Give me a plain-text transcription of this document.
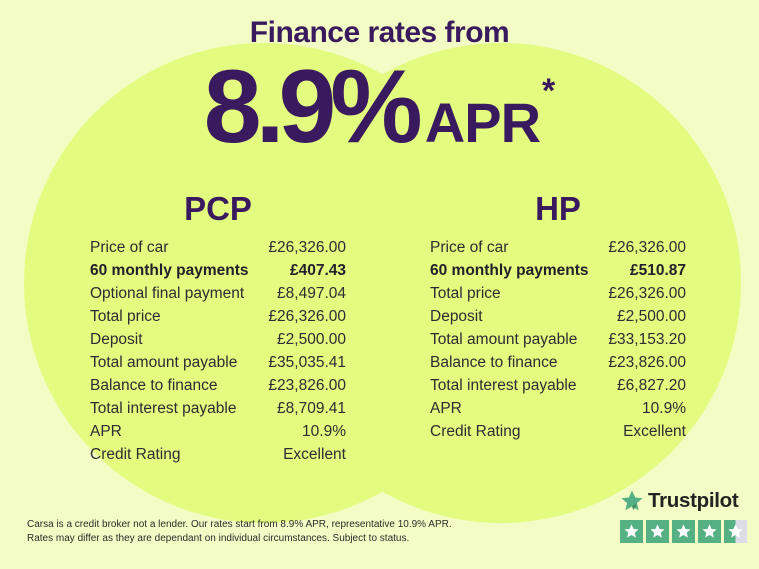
Finance rates from
8.9% APR*
PCP
Price of car	£26,326.00
60 monthly payments	£407.43
Optional final payment £8,497.04
Total price	£26,326.00
Deposit	£2,500.00
Total amount payable £35,035.41
Balance to finance	£23,826.00
Total interest payable	£8,709.41
APR	10.9%
Credit Rating	Excellent
HP
Price of car	£26,326.00
60 monthly payments	£510.87
Total price	£26,326.00
Deposit	£2,500.00
Total amount payable £33,153.20
Balance to finance	£23,826.00
Total interest payable	£6,827.20
APR	10.9%
Credit Rating	Excellent
Carsa is a credit broker not a lender. Our rates start from 8.9% APR, representative 10.9% APR.
Rates may differ as they are dependant on individual circumstances. Subject to status.
Trustpilot
